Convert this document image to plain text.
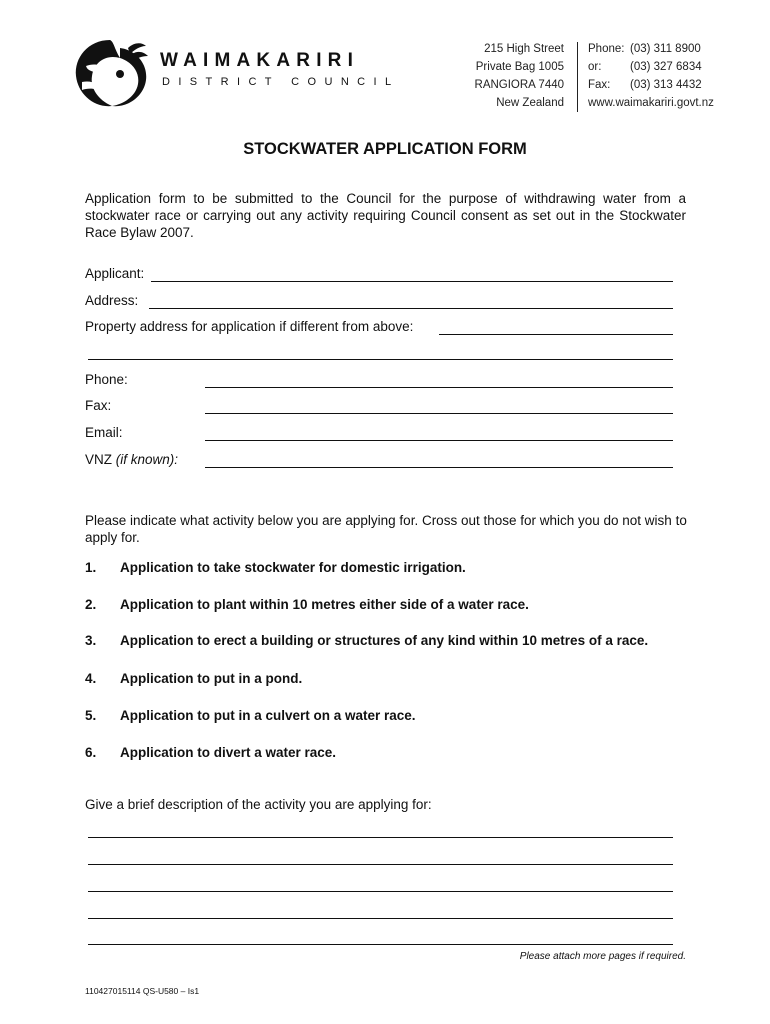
WAIMAKARIRI
DISTRICT COUNCIL
215 High Street
Private Bag 1005
RANGIORA 7440
New Zealand
Phone: (03) 311 8900
or: (03) 327 6834
Fax: (03) 313 4432
www.waimakariri.govt.nz
STOCKWATER APPLICATION FORM
Application form to be submitted to the Council for the purpose of withdrawing water from a stockwater race or carrying out any activity requiring Council consent as set out in the Stockwater Race Bylaw 2007.
Applicant:
Address:
Property address for application if different from above:
Phone:
Fax:
Email:
VNZ (if known):
Please indicate what activity below you are applying for. Cross out those for which you do not wish to apply for.
1.	Application to take stockwater for domestic irrigation.
2.	Application to plant within 10 metres either side of a water race.
3.	Application to erect a building or structures of any kind within 10 metres of a race.
4.	Application to put in a pond.
5.	Application to put in a culvert on a water race.
6.	Application to divert a water race.
Give a brief description of the activity you are applying for:
Please attach more pages if required.
110427015114 QS-U580 – Is1
